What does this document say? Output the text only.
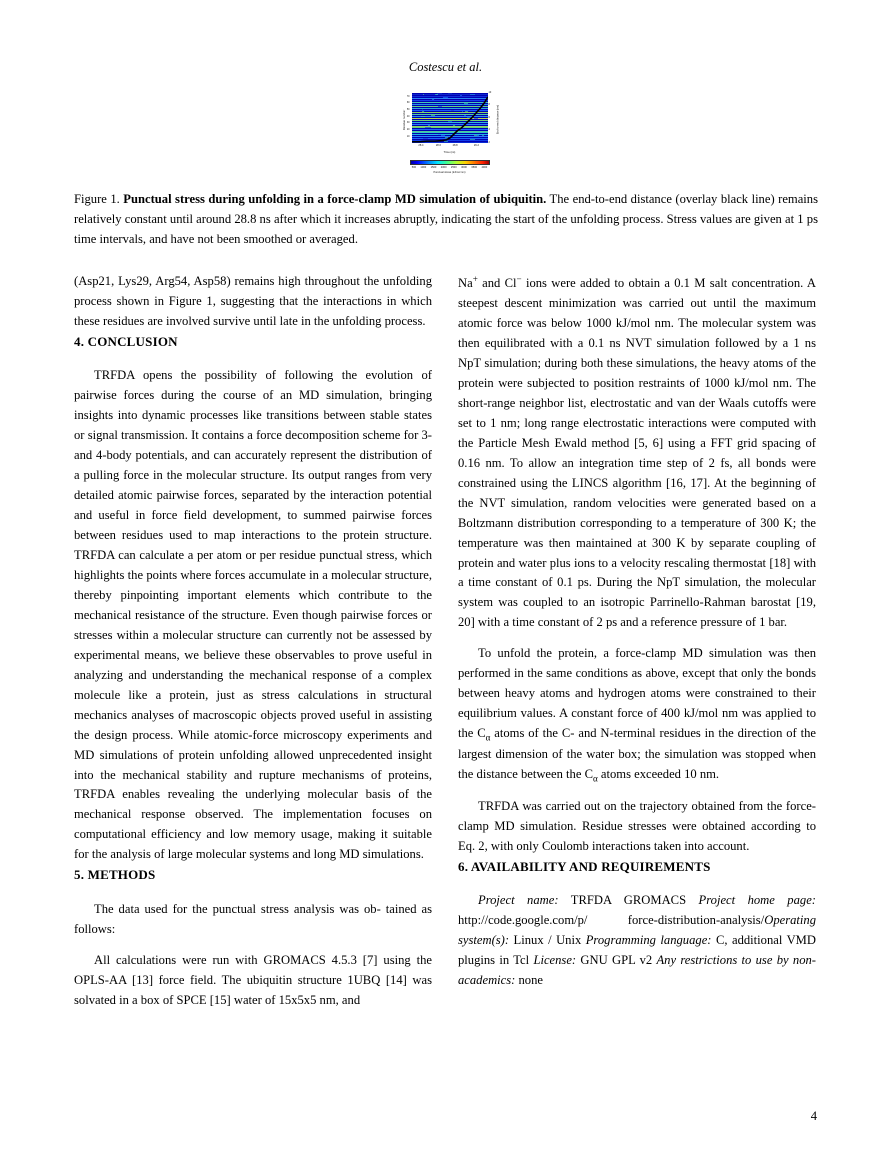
Costescu et al.
Time (ns)
Residue number	End-to-end distance (nm)
28.4	28.6	28.8	29.2
10
20
30
40
50
60
70
2
4
6
8
10
500 1000 1500 2000 2500 3000 3500 4000
Punctual stress (kJ/mol nm)
Figure 1. Punctual stress during unfolding in a force-clamp MD simulation of ubiquitin. The end-to-end distance (overlay black line) remains relatively constant until around 28.8 ns after which it increases abruptly, indicating the start of the unfolding process. Stress values are given at 1 ps time intervals, and have not been smoothed or averaged.

(Asp21, Lys29, Arg54, Asp58) remains high throughout the unfolding process shown in Figure 1, suggesting that the interactions in which these residues are involved survive until late in the unfolding process.

4. CONCLUSION

TRFDA opens the possibility of following the evolution of pairwise forces during the course of an MD simulation, bringing insights into dynamic processes like transitions between stable states or signal transmission. It contains a force decomposition scheme for 3- and 4-body potentials, and can accurately represent the distribution of a pulling force in the molecular structure. Its output ranges from very detailed atomic pairwise forces, separated by the interaction potential and useful in force field development, to summed pairwise forces between residues used to map interactions to the protein structure. TRFDA can calculate a per atom or per residue punctual stress, which highlights the points where forces accumulate in a molecular structure, thereby pinpointing important elements which contribute to the mechanical resistance of the structure. Even though pairwise forces or stresses within a molecular structure can currently not be assessed by experimental means, we believe these observables to prove useful in analyzing and understanding the mechanical response of a complex molecule like a protein, just as stress calculations in structural mechanics analyses of macroscopic objects proved useful in assisting the design process. While atomic-force microscopy experiments and MD simulations of protein unfolding allowed unprecedented insight into the mechanical stability and rupture mechanisms of proteins, TRFDA enables revealing the underlying molecular basis of the mechanical response observed. The implementation focuses on computational efficiency and low memory usage, making it suitable for the analysis of large molecular systems and long MD simulations.

5. METHODS

The data used for the punctual stress analysis was ob- tained as follows:

All calculations were run with GROMACS 4.5.3 [7] using the OPLS-AA [13] force field. The ubiquitin structure 1UBQ [14] was solvated in a box of SPCE [15] water of 15x5x5 nm, and

Na+ and Cl− ions were added to obtain a 0.1 M salt concentration. A steepest descent minimization was carried out until the maximum atomic force was below 1000 kJ/mol nm. The molecular system was then equilibrated with a 0.1 ns NVT simulation followed by a 1 ns NpT simulation; during both these simulations, the heavy atoms of the protein were subjected to position restraints of 1000 kJ/mol nm. The short-range neighbor list, electrostatic and van der Waals cutoffs were set to 1 nm; long range electrostatic interactions were computed with the Particle Mesh Ewald method [5, 6] using a FFT grid spacing of 0.16 nm. To allow an integration time step of 2 fs, all bonds were constrained using the LINCS algorithm [16, 17]. At the beginning of the NVT simulation, random velocities were generated based on a Boltzmann distribution corresponding to a temperature of 300 K; the temperature was then maintained at 300 K by separate coupling of protein and water plus ions to a velocity rescaling thermostat [18] with a time constant of 0.1 ps. During the NpT simulation, the molecular system was coupled to an isotropic Parrinello-Rahman barostat [19, 20] with a time constant of 2 ps and a reference pressure of 1 bar.

To unfold the protein, a force-clamp MD simulation was then performed in the same conditions as above, except that only the bonds between heavy atoms and hydrogen atoms were constrained to their equilibrium values. A constant force of 400 kJ/mol nm was applied to the $C_\alpha$ atoms of the C- and N-terminal residues in the direction of the largest dimension of the water box; the simulation was stopped when the distance between the $C_\alpha$ atoms exceeded 10 nm.

TRFDA was carried out on the trajectory obtained from the force-clamp MD simulation. Residue stresses were obtained according to Eq. 2, with only Coulomb interactions taken into account.

6. AVAILABILITY AND REQUIREMENTS

Project name: TRFDA GROMACS Project home page: http://code.google.com/p/ force-distribution-analysis/Operating system(s): Linux / Unix Programming language: C, additional VMD plugins in Tcl License: GNU GPL v2 Any restrictions to use by non-academics: none

4
